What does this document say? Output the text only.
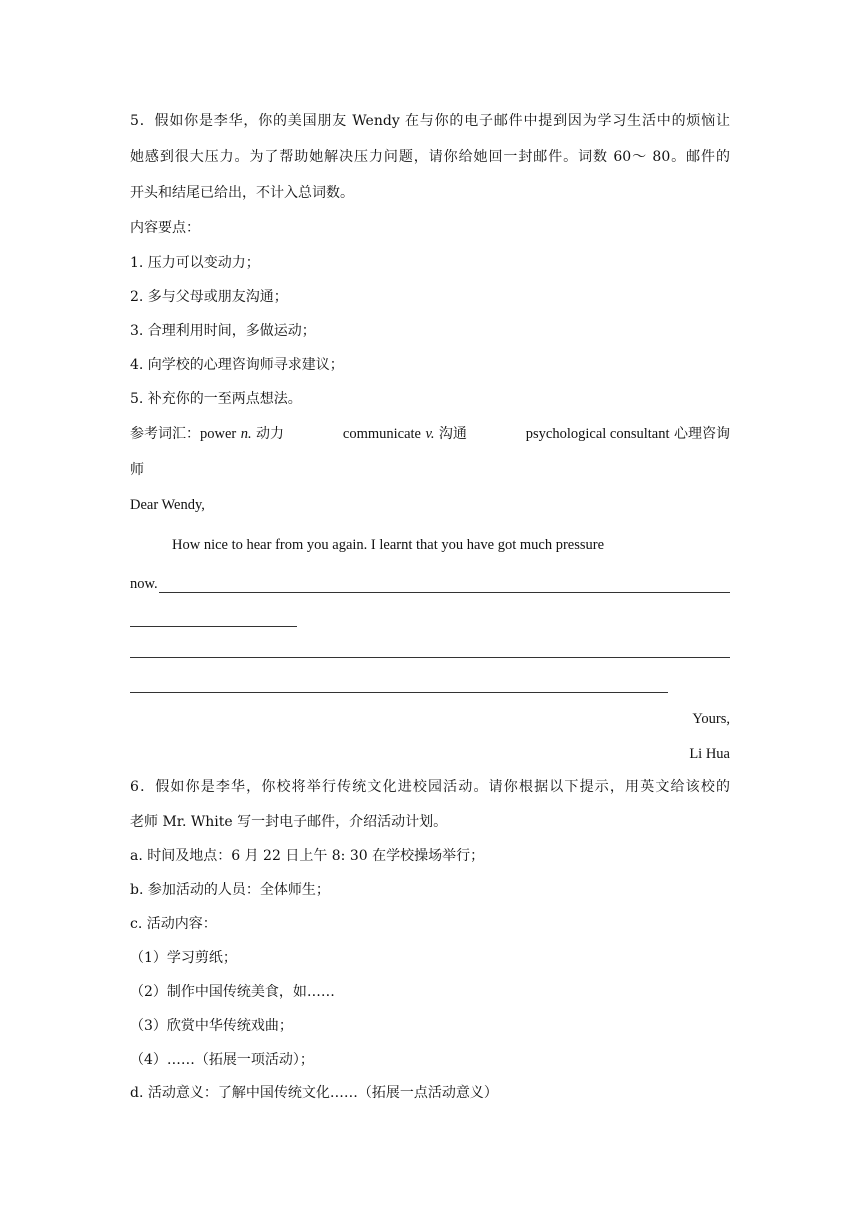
5．假如你是李华，你的美国朋友 Wendy 在与你的电子邮件中提到因为学习生活中的烦恼让
她感到很大压力。为了帮助她解决压力问题，请你给她回一封邮件。词数 60～ 80。邮件的
开头和结尾已给出，不计入总词数。
内容要点：
1. 压力可以变动力；
2. 多与父母或朋友沟通；
3. 合理利用时间，多做运动；
4. 向学校的心理咨询师寻求建议；
5. 补充你的一至两点想法。
参考词汇：power n. 动力	communicate v. 沟通	psychological consultant 心理咨询
师
Dear Wendy,
How nice to hear from you again. I learnt that you have got much pressure
now.
Yours,
Li Hua
6．假如你是李华，你校将举行传统文化进校园活动。请你根据以下提示，用英文给该校的
老师 Mr. White 写一封电子邮件，介绍活动计划。
a. 时间及地点：6 月 22 日上午 8: 30 在学校操场举行；
b. 参加活动的人员：全体师生；
c. 活动内容：
（1）学习剪纸；
（2）制作中国传统美食，如……
（3）欣赏中华传统戏曲；
（4）……（拓展一项活动）；
d. 活动意义：了解中国传统文化……（拓展一点活动意义）
